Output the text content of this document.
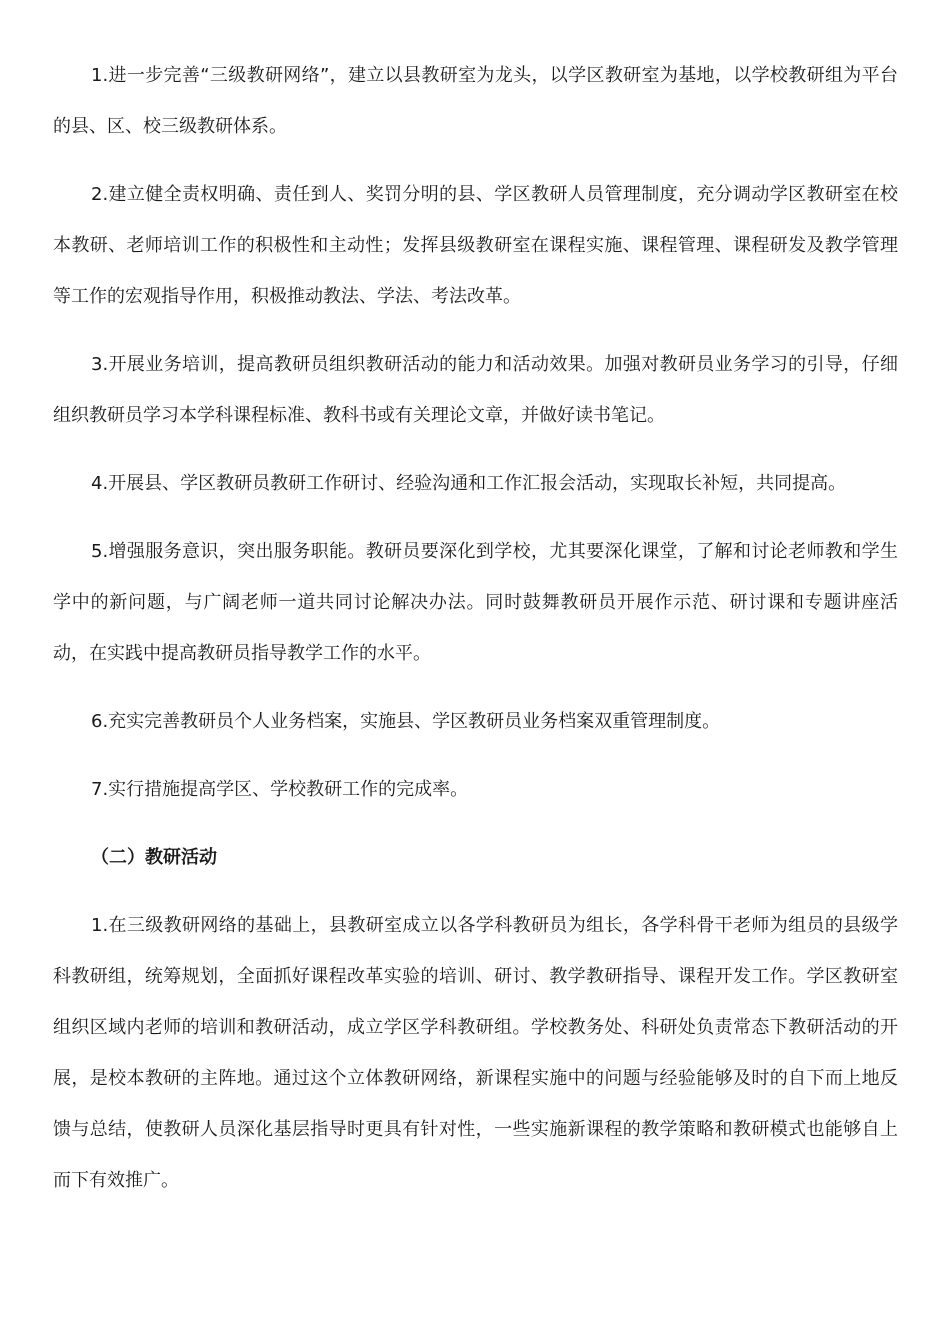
1.进一步完善“三级教研网络”，建立以县教研室为龙头，以学区教研室为基地，以学校教研组为平台的县、区、校三级教研体系。

2.建立健全责权明确、责任到人、奖罚分明的县、学区教研人员管理制度，充分调动学区教研室在校本教研、老师培训工作的积极性和主动性；发挥县级教研室在课程实施、课程管理、课程研发及教学管理等工作的宏观指导作用，积极推动教法、学法、考法改革。

3.开展业务培训，提高教研员组织教研活动的能力和活动效果。加强对教研员业务学习的引导，仔细组织教研员学习本学科课程标准、教科书或有关理论文章，并做好读书笔记。

4.开展县、学区教研员教研工作研讨、经验沟通和工作汇报会活动，实现取长补短，共同提高。

5.增强服务意识，突出服务职能。教研员要深化到学校，尤其要深化课堂，了解和讨论老师教和学生学中的新问题，与广阔老师一道共同讨论解决办法。同时鼓舞教研员开展作示范、研讨课和专题讲座活动，在实践中提高教研员指导教学工作的水平。

6.充实完善教研员个人业务档案，实施县、学区教研员业务档案双重管理制度。

7.实行措施提高学区、学校教研工作的完成率。

（二）教研活动

1.在三级教研网络的基础上，县教研室成立以各学科教研员为组长，各学科骨干老师为组员的县级学科教研组，统筹规划，全面抓好课程改革实验的培训、研讨、教学教研指导、课程开发工作。学区教研室组织区域内老师的培训和教研活动，成立学区学科教研组。学校教务处、科研处负责常态下教研活动的开展，是校本教研的主阵地。通过这个立体教研网络，新课程实施中的问题与经验能够及时的自下而上地反馈与总结，使教研人员深化基层指导时更具有针对性，一些实施新课程的教学策略和教研模式也能够自上而下有效推广。
